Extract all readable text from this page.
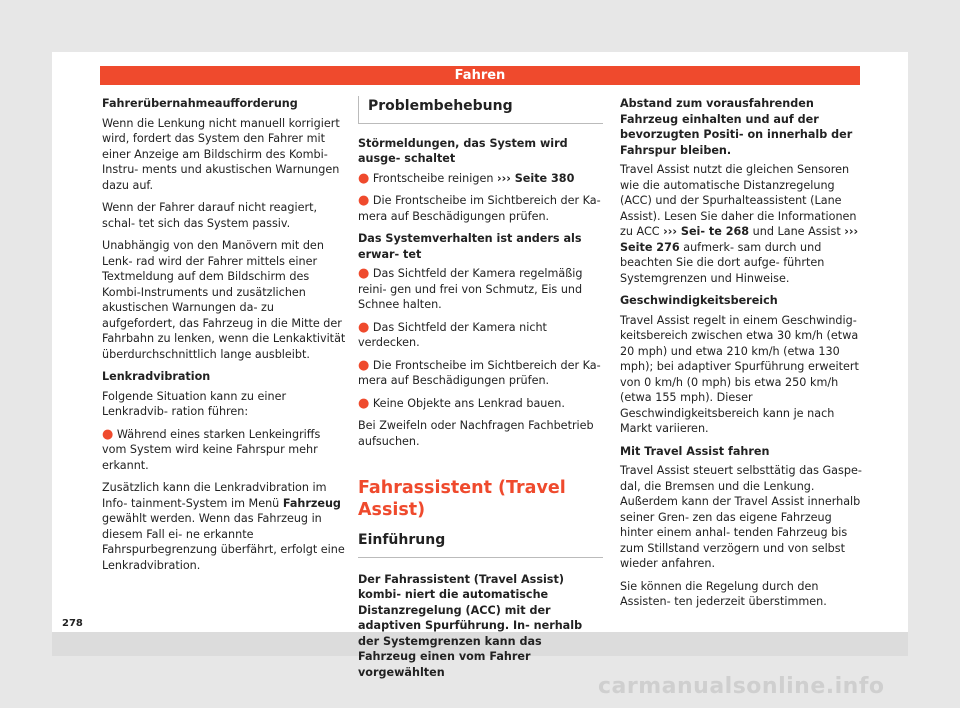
Fahren

Fahrerübernahmeaufforderung

Wenn die Lenkung nicht manuell korrigiert wird, fordert das System den Fahrer mit einer Anzeige am Bildschirm des Kombi-Instru- ments und akustischen Warnungen dazu auf.

Wenn der Fahrer darauf nicht reagiert, schal- tet sich das System passiv.

Unabhängig von den Manövern mit den Lenk- rad wird der Fahrer mittels einer Textmeldung auf dem Bildschirm des Kombi-Instruments und zusätzlichen akustischen Warnungen da- zu aufgefordert, das Fahrzeug in die Mitte der Fahrbahn zu lenken, wenn die Lenkaktivität überdurchschnittlich lange ausbleibt.

Lenkradvibration

Folgende Situation kann zu einer Lenkradvib- ration führen:

● Während eines starken Lenkeingriffs vom System wird keine Fahrspur mehr erkannt.

Zusätzlich kann die Lenkradvibration im Info- tainment-System im Menü Fahrzeug gewählt werden. Wenn das Fahrzeug in diesem Fall ei- ne erkannte Fahrspurbegrenzung überfährt, erfolgt eine Lenkradvibration.

Problembehebung

Störmeldungen, das System wird ausge- schaltet

● Frontscheibe reinigen ››› Seite 380

● Die Frontscheibe im Sichtbereich der Ka- mera auf Beschädigungen prüfen.

Das Systemverhalten ist anders als erwar- tet

● Das Sichtfeld der Kamera regelmäßig reini- gen und frei von Schmutz, Eis und Schnee halten.

● Das Sichtfeld der Kamera nicht verdecken.

● Die Frontscheibe im Sichtbereich der Ka- mera auf Beschädigungen prüfen.

● Keine Objekte ans Lenkrad bauen.

Bei Zweifeln oder Nachfragen Fachbetrieb aufsuchen.

Fahrassistent (Travel Assist)
Einführung

Der Fahrassistent (Travel Assist) kombi- niert die automatische Distanzregelung (ACC) mit der adaptiven Spurführung. In- nerhalb der Systemgrenzen kann das Fahrzeug einen vom Fahrer vorgewählten

Abstand zum vorausfahrenden Fahrzeug einhalten und auf der bevorzugten Positi- on innerhalb der Fahrspur bleiben.

Travel Assist nutzt die gleichen Sensoren wie die automatische Distanzregelung (ACC) und der Spurhalteassistent (Lane Assist). Lesen Sie daher die Informationen zu ACC ››› Sei- te 268 und Lane Assist ››› Seite 276 aufmerk- sam durch und beachten Sie die dort aufge- führten Systemgrenzen und Hinweise.

Geschwindigkeitsbereich

Travel Assist regelt in einem Geschwindig- keitsbereich zwischen etwa 30 km/h (etwa 20 mph) und etwa 210 km/h (etwa 130 mph); bei adaptiver Spurführung erweitert von 0 km/h (0 mph) bis etwa 250 km/h (etwa 155 mph). Dieser Geschwindigkeitsbereich kann je nach Markt variieren.

Mit Travel Assist fahren

Travel Assist steuert selbsttätig das Gaspe- dal, die Bremsen und die Lenkung. Außerdem kann der Travel Assist innerhalb seiner Gren- zen das eigene Fahrzeug hinter einem anhal- tenden Fahrzeug bis zum Stillstand verzögern und von selbst wieder anfahren.

Sie können die Regelung durch den Assisten- ten jederzeit überstimmen.

278
carmanualsonline.info
